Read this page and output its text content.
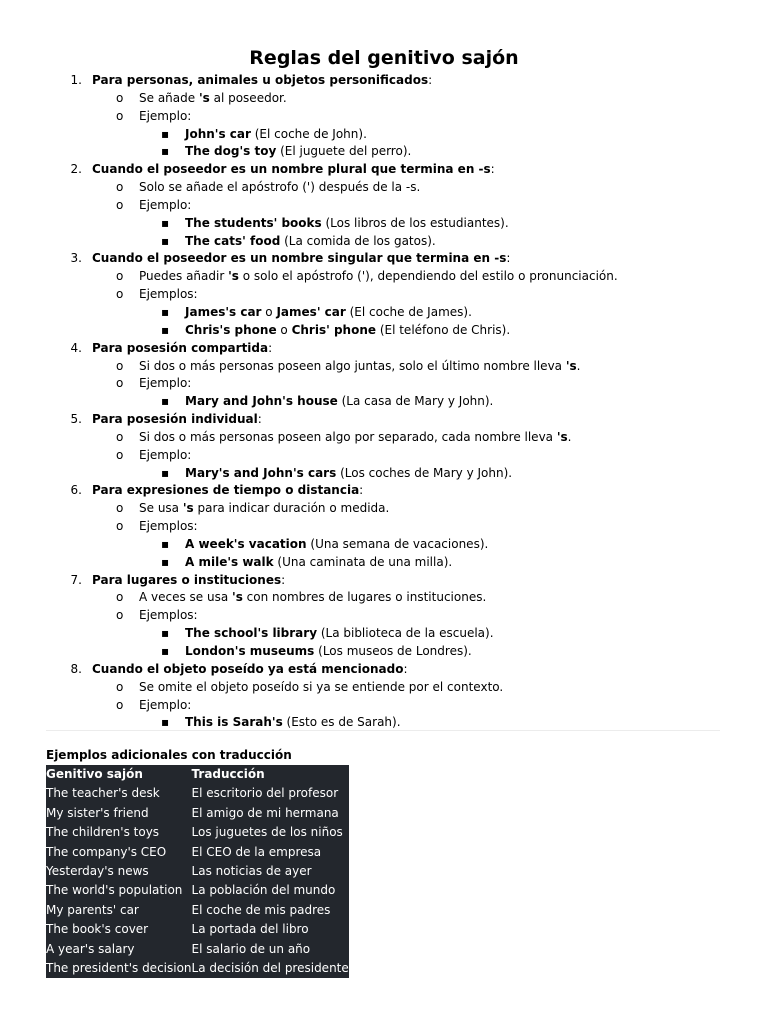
Reglas del genitivo sajón
1. Para personas, animales u objetos personificados:
o Se añade 's al poseedor.
o Ejemplo:
▪ John's car (El coche de John).
▪ The dog's toy (El juguete del perro).
2. Cuando el poseedor es un nombre plural que termina en -s:
o Solo se añade el apóstrofo (') después de la -s.
o Ejemplo:
▪ The students' books (Los libros de los estudiantes).
▪ The cats' food (La comida de los gatos).
3. Cuando el poseedor es un nombre singular que termina en -s:
o Puedes añadir 's o solo el apóstrofo ('), dependiendo del estilo o pronunciación.
o Ejemplos:
▪ James's car o James' car (El coche de James).
▪ Chris's phone o Chris' phone (El teléfono de Chris).
4. Para posesión compartida:
o Si dos o más personas poseen algo juntas, solo el último nombre lleva 's.
o Ejemplo:
▪ Mary and John's house (La casa de Mary y John).
5. Para posesión individual:
o Si dos o más personas poseen algo por separado, cada nombre lleva 's.
o Ejemplo:
▪ Mary's and John's cars (Los coches de Mary y John).
6. Para expresiones de tiempo o distancia:
o Se usa 's para indicar duración o medida.
o Ejemplos:
▪ A week's vacation (Una semana de vacaciones).
▪ A mile's walk (Una caminata de una milla).
7. Para lugares o instituciones:
o A veces se usa 's con nombres de lugares o instituciones.
o Ejemplos:
▪ The school's library (La biblioteca de la escuela).
▪ London's museums (Los museos de Londres).
8. Cuando el objeto poseído ya está mencionado:
o Se omite el objeto poseído si ya se entiende por el contexto.
o Ejemplo:
▪ This is Sarah's (Esto es de Sarah).
Ejemplos adicionales con traducción
Genitivo sajón	Traducción
The teacher's desk	El escritorio del profesor
My sister's friend	El amigo de mi hermana
The children's toys	Los juguetes de los niños
The company's CEO	El CEO de la empresa
Yesterday's news	Las noticias de ayer
The world's population	La población del mundo
My parents' car	El coche de mis padres
The book's cover	La portada del libro
A year's salary	El salario de un año
The president's decision	La decisión del presidente
